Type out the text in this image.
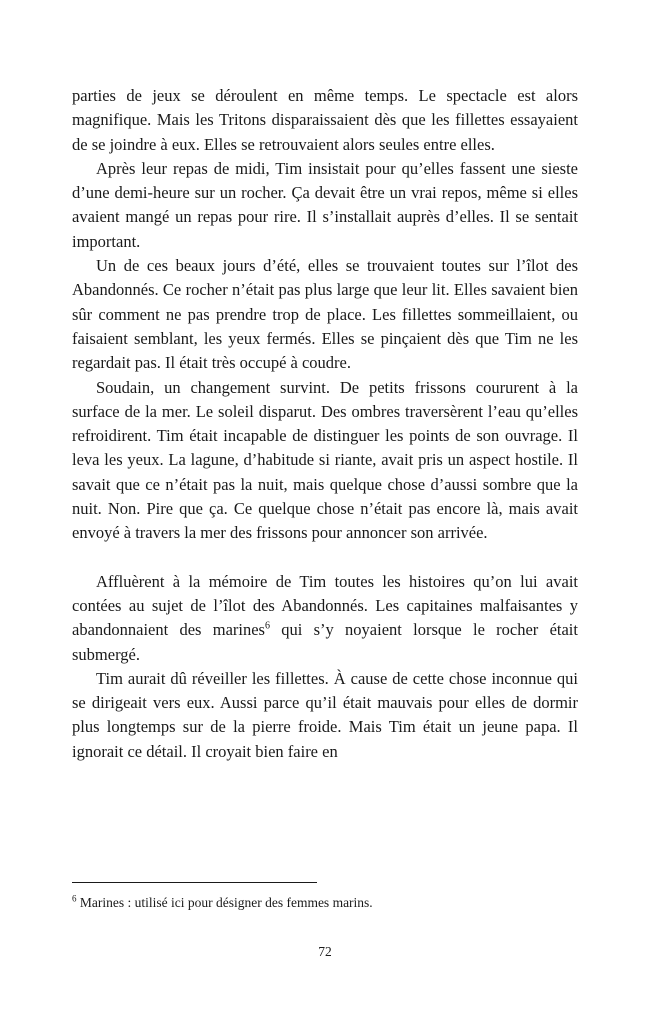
parties de jeux se déroulent en même temps. Le spectacle est alors magnifique. Mais les Tritons disparaissaient dès que les fillettes essayaient de se joindre à eux. Elles se retrouvaient alors seules entre elles.

Après leur repas de midi, Tim insistait pour qu’elles fassent une sieste d’une demi-heure sur un rocher. Ça devait être un vrai repos, même si elles avaient mangé un repas pour rire. Il s’installait auprès d’elles. Il se sentait important.

Un de ces beaux jours d’été, elles se trouvaient toutes sur l’îlot des Abandonnés. Ce rocher n’était pas plus large que leur lit. Elles savaient bien sûr comment ne pas prendre trop de place. Les fillettes sommeillaient, ou faisaient semblant, les yeux fermés. Elles se pinçaient dès que Tim ne les regardait pas. Il était très occupé à coudre.

Soudain, un changement survint. De petits frissons coururent à la surface de la mer. Le soleil disparut. Des ombres traversèrent l’eau qu’elles refroidirent. Tim était incapable de distinguer les points de son ouvrage. Il leva les yeux. La lagune, d’habitude si riante, avait pris un aspect hostile. Il savait que ce n’était pas la nuit, mais quelque chose d’aussi sombre que la nuit. Non. Pire que ça. Ce quelque chose n’était pas encore là, mais avait envoyé à travers la mer des frissons pour annoncer son arrivée.

Affluèrent à la mémoire de Tim toutes les histoires qu’on lui avait contées au sujet de l’îlot des Abandonnés. Les capitaines malfaisantes y abandonnaient des marines$^6$ qui s’y noyaient lorsque le rocher était submergé.

Tim aurait dû réveiller les fillettes. À cause de cette chose inconnue qui se dirigeait vers eux. Aussi parce qu’il était mauvais pour elles de dormir plus longtemps sur de la pierre froide. Mais Tim était un jeune papa. Il ignorait ce détail. Il croyait bien faire en

$^6$ Marines : utilisé ici pour désigner des femmes marins.

72
